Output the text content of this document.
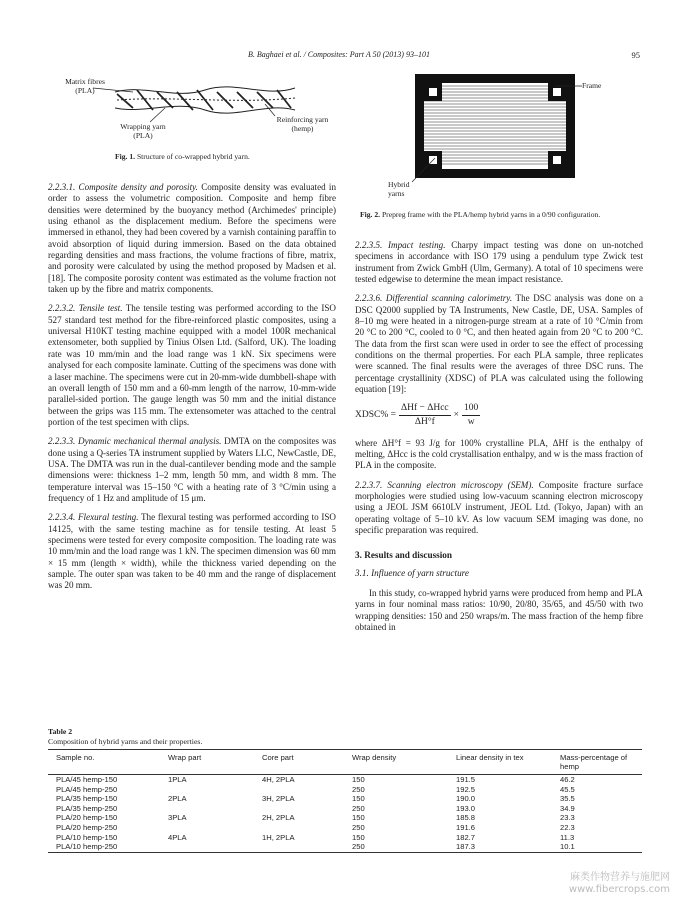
B. Baghaei et al. / Composites: Part A 50 (2013) 93–101	95
Matrix fibres
(PLA)
Wrapping yarn
(PLA)
Reinforcing yarn
(hemp)
Fig. 1. Structure of co-wrapped hybrid yarn.
Frame
Hybrid
yarns
Fig. 2. Prepreg frame with the PLA/hemp hybrid yarns in a 0/90 configuration.

2.2.3.1. Composite density and porosity. Composite density was evaluated in order to assess the volumetric composition. Composite and hemp fibre densities were determined by the buoyancy method (Archimedes' principle) using ethanol as the displacement medium. Before the specimens were immersed in ethanol, they had been covered by a varnish containing paraffin to avoid absorption of liquid during immersion. Based on the data obtained regarding densities and mass fractions, the volume fractions of fibre, matrix, and porosity were calculated by using the method proposed by Madsen et al. [18]. The composite porosity content was estimated as the volume fraction not taken up by the fibre and matrix components.

2.2.3.2. Tensile test. The tensile testing was performed according to the ISO 527 standard test method for the fibre-reinforced plastic composites, using a universal H10KT testing machine equipped with a model 100R mechanical extensometer, both supplied by Tinius Olsen Ltd. (Salford, UK). The loading rate was 10 mm/min and the load range was 1 kN. Six specimens were analysed for each composite laminate. Cutting of the specimens was done with a laser machine. The specimens were cut in 20-mm-wide dumbbell-shape with an overall length of 150 mm and a 60-mm length of the narrow, 10-mm-wide parallel-sided portion. The gauge length was 50 mm and the initial distance between the grips was 115 mm. The extensometer was attached to the central portion of the test specimen with clips.

2.2.3.3. Dynamic mechanical thermal analysis. DMTA on the composites was done using a Q-series TA instrument supplied by Waters LLC, NewCastle, DE, USA. The DMTA was run in the dual-cantilever bending mode and the sample dimensions were: thickness 1–2 mm, length 50 mm, and width 8 mm. The temperature interval was 15–150 °C with a heating rate of 3 °C/min using a frequency of 1 Hz and amplitude of 15 μm.

2.2.3.4. Flexural testing. The flexural testing was performed according to ISO 14125, with the same testing machine as for tensile testing. At least 5 specimens were tested for every composite composition. The loading rate was 10 mm/min and the load range was 1 kN. The specimen dimension was 60 mm × 15 mm (length × width), while the thickness varied depending on the sample. The outer span was taken to be 40 mm and the range of displacement was 20 mm.

2.2.3.5. Impact testing. Charpy impact testing was done on un-notched specimens in accordance with ISO 179 using a pendulum type Zwick test instrument from Zwick GmbH (Ulm, Germany). A total of 10 specimens were tested edgewise to determine the mean impact resistance.

2.2.3.6. Differential scanning calorimetry. The DSC analysis was done on a DSC Q2000 supplied by TA Instruments, New Castle, DE, USA. Samples of 8–10 mg were heated in a nitrogen-purge stream at a rate of 10 °C/min from 20 °C to 200 °C, cooled to 0 °C, and then heated again from 20 °C to 200 °C. The data from the first scan were used in order to see the effect of processing conditions on the thermal properties. For each PLA sample, three replicates were scanned. The final results were the averages of three DSC runs. The percentage crystallinity (XDSC) of PLA was calculated using the following equation [19]:

XDSC% = $\frac{\text{ΔHf − ΔHcc}}{\Delta H^\circ f} \times \frac{100}{w}$

where ΔH°f = 93 J/g for 100% crystalline PLA, ΔHf is the enthalpy of melting, ΔHcc is the cold crystallisation enthalpy, and w is the mass fraction of PLA in the composite.

2.2.3.7. Scanning electron microscopy (SEM). Composite fracture surface morphologies were studied using low-vacuum scanning electron microscopy using a JEOL JSM 6610LV instrument, JEOL Ltd. (Tokyo, Japan) with an operating voltage of 5–10 kV. As low vacuum SEM imaging was done, no specific preparation was required.

3. Results and discussion
3.1. Influence of yarn structure

In this study, co-wrapped hybrid yarns were produced from hemp and PLA yarns in four nominal mass ratios: 10/90, 20/80, 35/65, and 45/50 with two wrapping densities: 150 and 250 wraps/m. The mass fraction of the hemp fibre obtained in

Table 2
Composition of hybrid yarns and their properties.
Sample no.	Wrap part	Core part	Wrap density	Linear density in tex	Mass-percentage of hemp
PLA/45 hemp-150	1PLA	4H, 2PLA	150	191.5	46.2
PLA/45 hemp-250			250	192.5	45.5
PLA/35 hemp-150	2PLA	3H, 2PLA	150	190.0	35.5
PLA/35 hemp-250			250	193.0	34.9
PLA/20 hemp-150	3PLA	2H, 2PLA	150	185.8	23.3
PLA/20 hemp-250			250	191.6	22.3
PLA/10 hemp-150	4PLA	1H, 2PLA	150	182.7	11.3
PLA/10 hemp-250			250	187.3	10.1
麻类作物营养与施肥网
www.fibercrops.com
